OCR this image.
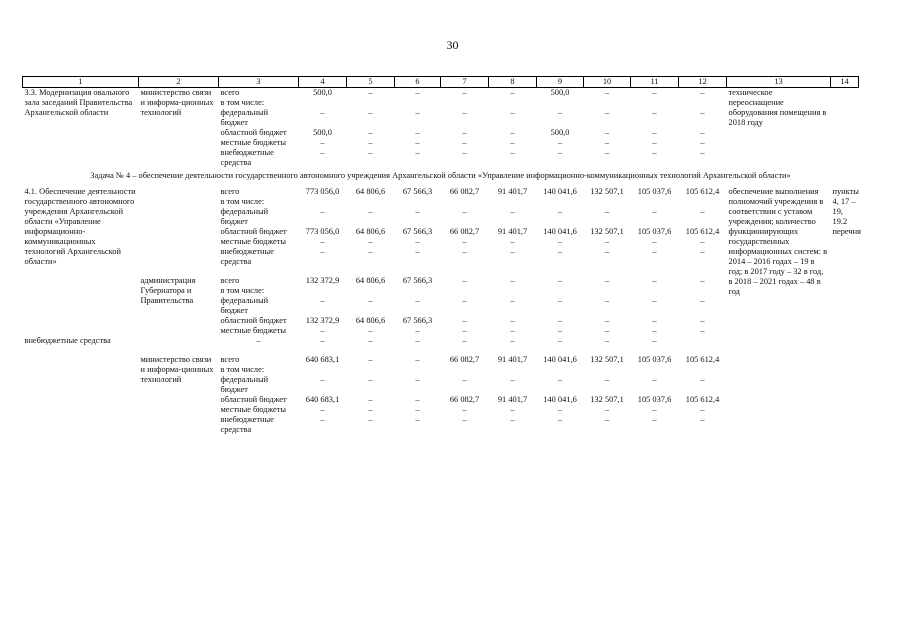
30
1	2	3	4	5	6	7	8	9	10	11	12	13	14
3.3. Модернизация овального зала заседаний Правительства Архангельской области	министерство связи и информа-ционных технологий	всего	500,0	–	–	–	–	500,0	–	–	–	техническое переоснащение оборудования помещения в 2018 году	
		в том числе:											
		федеральный бюджет	–	–	–	–	–	–	–	–	–		
		областной бюджет	500,0	–	–	–	–	500,0	–	–	–		
		местные бюджеты	–	–	–	–	–	–	–	–	–		
		внебюджетные средства	–	–	–	–	–	–	–	–	–		
Задача № 4 – обеспечение деятельности государственного автономного учреждения Архангельской области «Управление информационно-коммуникационных технологий Архангельской области»													
4.1. Обеспечение деятельности государственного автономного учреждения Архангельской области «Управление информационно-коммуникационных технологий Архангельской области»		всего	773 056,0	64 806,6	67 566,3	66 082,7	91 401,7	140 041,6	132 507,1	105 037,6	105 612,4	обеспечение выполнения полномочий учреждения в соответствии с уставом учреждения; количество функционирующих государственных информационных систем: в 2014 – 2016 годах – 19 в год; в 2017 году – 32 в год, в 2018 – 2021 годах – 48 в год	пункты 4, 17 – 19, 19.2 перечня
		в том числе:											
		федеральный бюджет	–	–	–	–	–	–	–	–	–		
		областной бюджет	773 056,0	64 806,6	67 566,3	66 082,7	91 401,7	140 041,6	132 507,1	105 037,6	105 612,4		
		местные бюджеты	–	–	–	–	–	–	–	–	–		
		внебюджетные средства	–	–	–	–	–	–	–	–	–		

	администрация Губернатора и Правительства	всего	132 372,9	64 806,6	67 566,3	–	–	–	–	–	–		
		в том числе:											
		федеральный бюджет	–	–	–	–	–	–	–	–	–		
		областной бюджет	132 372,9	64 806,6	67 566,3	–	–	–	–	–	–		
		местные бюджеты	–	–	–	–	–	–	–	–	–		
внебюджетные средства		–	–	–	–	–	–	–	–	–			

	министерство связи и информа-ционных технологий	всего	640 683,1	–	–	66 082,7	91 401,7	140 041,6	132 507,1	105 037,6	105 612,4		
		в том числе:											
		федеральный бюджет	–	–	–	–	–	–	–	–	–		
		областной бюджет	640 683,1	–	–	66 082,7	91 401,7	140 041,6	132 507,1	105 037,6	105 612,4		
		местные бюджеты	–	–	–	–	–	–	–	–	–		
		внебюджетные средства	–	–	–	–	–	–	–	–	–		
